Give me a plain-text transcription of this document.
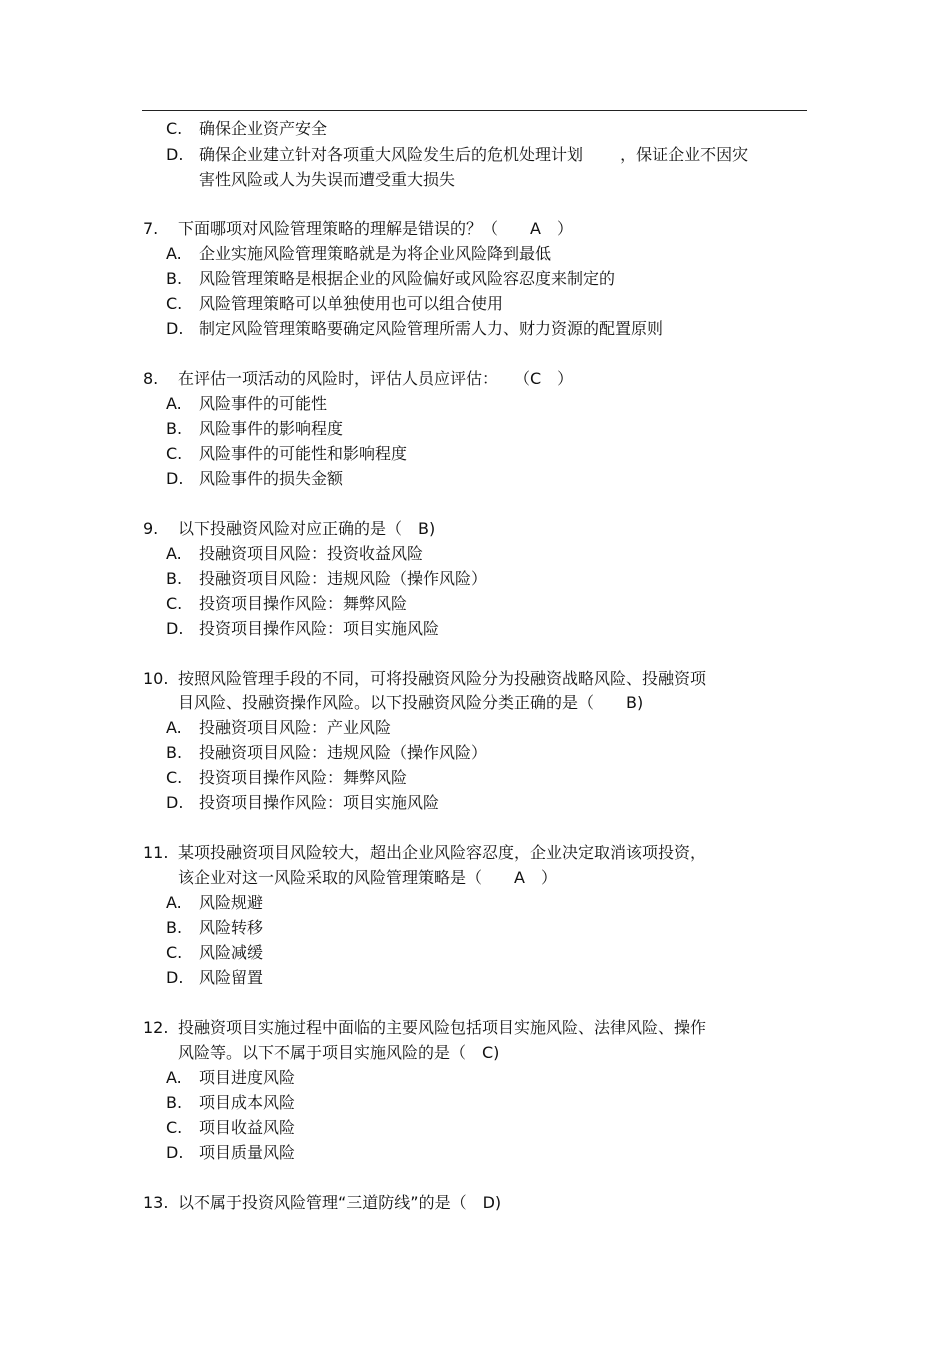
C. 确保企业资产安全
D. 确保企业建立针对各项重大风险发生后的危机处理计划 　　，保证企业不因灾
害性风险或人为失误而遭受重大损失
7. 下面哪项对风险管理策略的理解是错误的？（　　A　）
A. 企业实施风险管理策略就是为将企业风险降到最低
B. 风险管理策略是根据企业的风险偏好或风险容忍度来制定的
C. 风险管理策略可以单独使用也可以组合使用
D. 制定风险管理策略要确定风险管理所需人力、财力资源的配置原则
8. 在评估一项活动的风险时，评估人员应评估：　　（C　）
A. 风险事件的可能性
B. 风险事件的影响程度
C. 风险事件的可能性和影响程度
D. 风险事件的损失金额
9. 以下投融资风险对应正确的是（　B)
A. 投融资项目风险：投资收益风险
B. 投融资项目风险：违规风险（操作风险）
C. 投资项目操作风险：舞弊风险
D. 投资项目操作风险：项目实施风险
10. 按照风险管理手段的不同，可将投融资风险分为投融资战略风险、投融资项
目风险、投融资操作风险。以下投融资风险分类正确的是（　　B)
A. 投融资项目风险：产业风险
B. 投融资项目风险：违规风险（操作风险）
C. 投资项目操作风险：舞弊风险
D. 投资项目操作风险：项目实施风险
11. 某项投融资项目风险较大，超出企业风险容忍度，企业决定取消该项投资，
该企业对这一风险采取的风险管理策略是（　　A　）
A. 风险规避
B. 风险转移
C. 风险减缓
D. 风险留置
12. 投融资项目实施过程中面临的主要风险包括项目实施风险、法律风险、操作
风险等。以下不属于项目实施风险的是（　C)
A. 项目进度风险
B. 项目成本风险
C. 项目收益风险
D. 项目质量风险
13. 以不属于投资风险管理“三道防线”的是（　D)
